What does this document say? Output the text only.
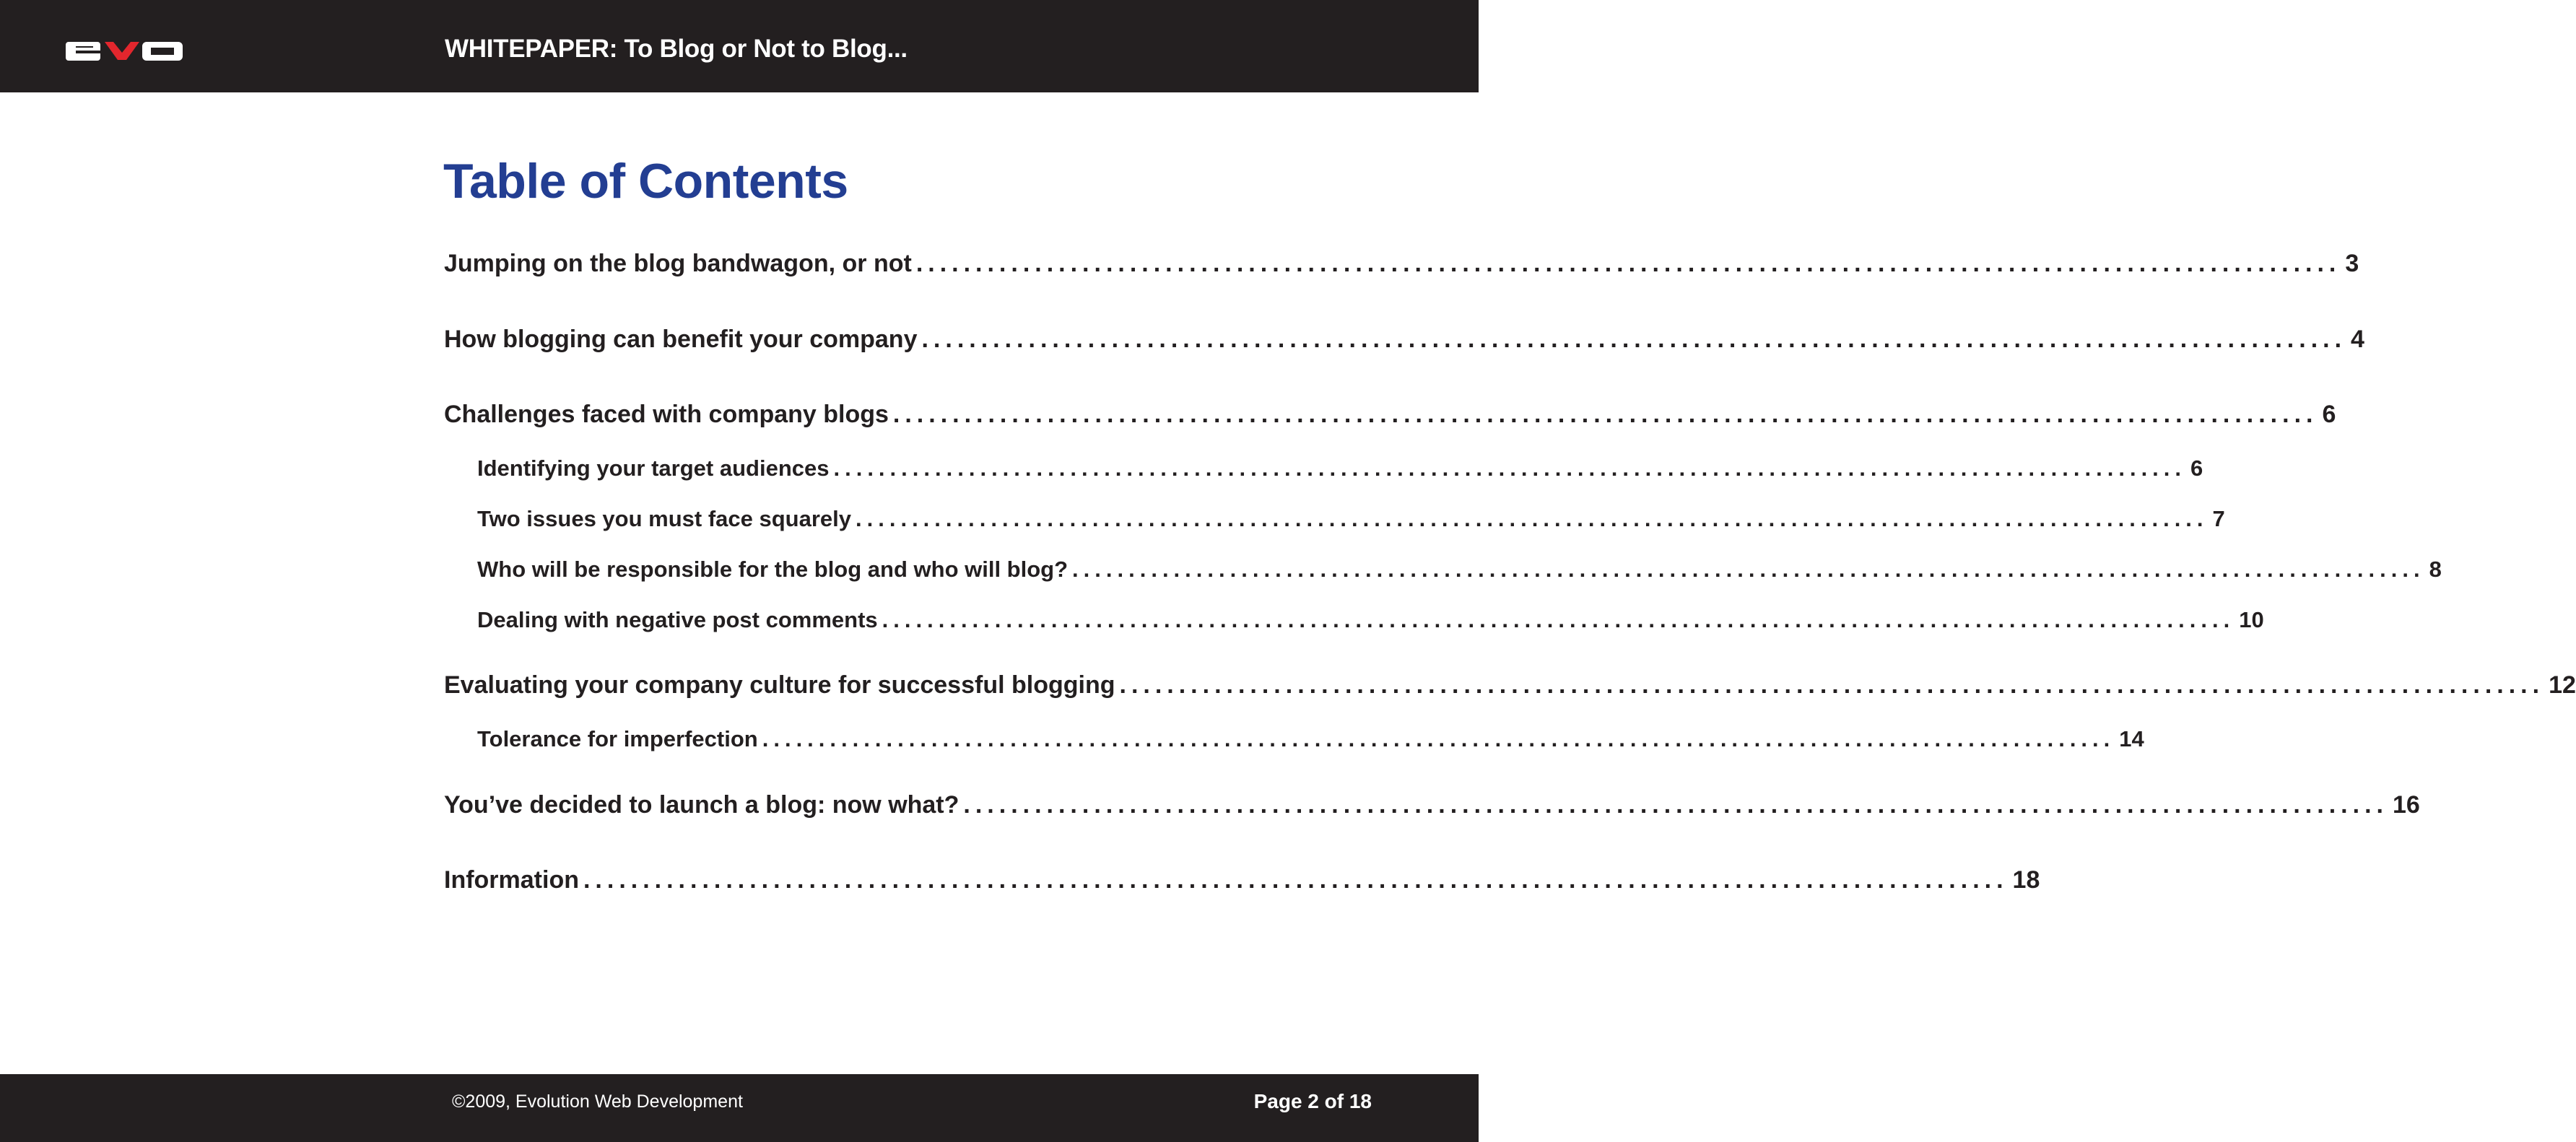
WHITEPAPER: To Blog or Not to Blog...
Table of Contents
Jumping on the blog bandwagon, or not ........................................................................................................................ 3
How blogging can benefit your company ........................................................................................................................ 4
Challenges faced with company blogs ........................................................................................................................ 6
Identifying your target audiences ........................................................................................................................ 6
Two issues you must face squarely ........................................................................................................................ 7
Who will be responsible for the blog and who will blog? ........................................................................................................................ 8
Dealing with negative post comments ........................................................................................................................ 10
Evaluating your company culture for successful blogging ........................................................................................................................ 12
Tolerance for imperfection ........................................................................................................................ 14
You’ve decided to launch a blog: now what? ........................................................................................................................ 16
Information ........................................................................................................................ 18
©2009, Evolution Web Development	Page 2 of 18
